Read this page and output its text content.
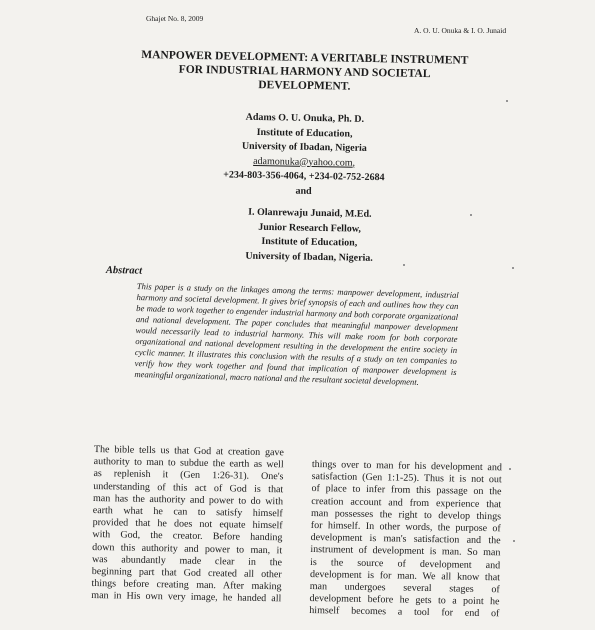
Ghajet No. 8, 2009
A. O. U. Onuka & I. O. Junaid
MANPOWER DEVELOPMENT: A VERITABLE INSTRUMENT FOR INDUSTRIAL HARMONY AND SOCIETAL DEVELOPMENT.
Adams O. U. Onuka, Ph. D.
Institute of Education,
University of Ibadan, Nigeria
adamonuka@yahoo.com,
+234-803-356-4064, +234-02-752-2684
and
I. Olanrewaju Junaid, M.Ed.
Junior Research Fellow,
Institute of Education,
University of Ibadan, Nigeria.
Abstract
This paper is a study on the linkages among the terms: manpower development, industrial harmony and societal development. It gives brief synopsis of each and outlines how they can be made to work together to engender industrial harmony and both corporate organizational and national development. The paper concludes that meaningful manpower development would necessarily lead to industrial harmony. This will make room for both corporate organizational and national development resulting in the development the entire society in cyclic manner. It illustrates this conclusion with the results of a study on ten companies to verify how they work together and found that implication of manpower development is meaningful organizational, macro national and the resultant societal development.
The bible tells us that God at creation gave
authority to man to subdue the earth as well
as replenish it (Gen 1:26-31). One's
understanding of this act of God is that
man has the authority and power to do with
earth what he can to satisfy himself
provided that he does not equate himself
with God, the creator. Before handing
down this authority and power to man, it
was abundantly made clear in the
beginning part that God created all other
things before creating man. After making
man in His own very image, he handed all
things over to man for his development and
satisfaction (Gen 1:1-25). Thus it is not out
of place to infer from this passage on the
creation account and from experience that
man possesses the right to develop things
for himself. In other words, the purpose of
development is man's satisfaction and the
instrument of development is man. So man
is the source of development and
development is for man. We all know that
man undergoes several stages of
development before he gets to a point he
himself becomes a tool for end of
